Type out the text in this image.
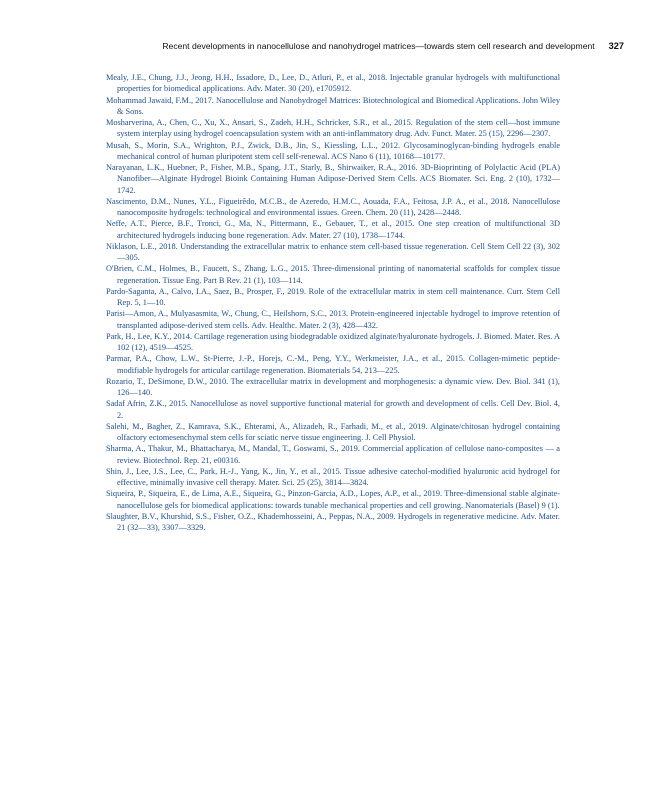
Recent developments in nanocellulose and nanohydrogel matrices—towards stem cell research and development 327
Mealy, J.E., Chung, J.J., Jeong, H.H., Issadore, D., Lee, D., Atluri, P., et al., 2018. Injectable granular hydrogels with multifunctional properties for biomedical applications. Adv. Mater. 30 (20), e1705912.
Mohammad Jawaid, F.M., 2017. Nanocellulose and Nanohydrogel Matrices: Biotechnological and Biomedical Applications. John Wiley & Sons.
Mosharverina, A., Chen, C., Xu, X., Ansari, S., Zadeh, H.H., Schricker, S.R., et al., 2015. Regulation of the stem cell—host immune system interplay using hydrogel coencapsulation system with an anti-inflammatory drug. Adv. Funct. Mater. 25 (15), 2296—2307.
Musah, S., Morin, S.A., Wrighton, P.J., Zwick, D.B., Jin, S., Kiessling, L.L., 2012. Glycosaminoglycan-binding hydrogels enable mechanical control of human pluripotent stem cell self-renewal. ACS Nano 6 (11), 10168—10177.
Narayanan, L.K., Huebner, P., Fisher, M.B., Spang, J.T., Starly, B., Shirwaiker, R.A., 2016. 3D-Bioprinting of Polylactic Acid (PLA) Nanofiber—Alginate Hydrogel Bioink Containing Human Adipose-Derived Stem Cells. ACS Biomater. Sci. Eng. 2 (10), 1732—1742.
Nascimento, D.M., Nunes, Y.L., Figueirêdo, M.C.B., de Azeredo, H.M.C., Aouada, F.A., Feitosa, J.P. A., et al., 2018. Nanocellulose nanocomposite hydrogels: technological and environmental issues. Green. Chem. 20 (11), 2428—2448.
Neffe, A.T., Pierce, B.F., Tronci, G., Ma, N., Pittermann, E., Gebauer, T., et al., 2015. One step creation of multifunctional 3D architectured hydrogels inducing bone regeneration. Adv. Mater. 27 (10), 1738—1744.
Niklason, L.E., 2018. Understanding the extracellular matrix to enhance stem cell-based tissue regeneration. Cell Stem Cell 22 (3), 302—305.
O'Brien, C.M., Holmes, B., Faucett, S., Zhang, L.G., 2015. Three-dimensional printing of nanomaterial scaffolds for complex tissue regeneration. Tissue Eng. Part B Rev. 21 (1), 103—114.
Pardo-Saganta, A., Calvo, I.A., Saez, B., Prosper, F., 2019. Role of the extracellular matrix in stem cell maintenance. Curr. Stem Cell Rep. 5, 1—10.
Parisi—Amon, A., Mulyasasmita, W., Chung, C., Heilshorn, S.C., 2013. Protein-engineered injectable hydrogel to improve retention of transplanted adipose-derived stem cells. Adv. Healthc. Mater. 2 (3), 428—432.
Park, H., Lee, K.Y., 2014. Cartilage regeneration using biodegradable oxidized alginate/hyaluronate hydrogels. J. Biomed. Mater. Res. A 102 (12), 4519—4525.
Parmar, P.A., Chow, L.W., St-Pierre, J.-P., Horejs, C.-M., Peng, Y.Y., Werkmeister, J.A., et al., 2015. Collagen-mimetic peptide-modifiable hydrogels for articular cartilage regeneration. Biomaterials 54, 213—225.
Rozario, T., DeSimone, D.W., 2010. The extracellular matrix in development and morphogenesis: a dynamic view. Dev. Biol. 341 (1), 126—140.
Sadaf Afrin, Z.K., 2015. Nanocellulose as novel supportive functional material for growth and development of cells. Cell Dev. Biol. 4, 2.
Salehi, M., Bagher, Z., Kamrava, S.K., Ehterami, A., Alizadeh, R., Farhadi, M., et al., 2019. Alginate/chitosan hydrogel containing olfactory ectomesenchymal stem cells for sciatic nerve tissue engineering. J. Cell Physiol.
Sharma, A., Thakur, M., Bhattacharya, M., Mandal, T., Goswami, S., 2019. Commercial application of cellulose nano-composites — a review. Biotechnol. Rep. 21, e00316.
Shin, J., Lee, J.S., Lee, C., Park, H.-J., Yang, K., Jin, Y., et al., 2015. Tissue adhesive catechol-modified hyaluronic acid hydrogel for effective, minimally invasive cell therapy. Mater. Sci. 25 (25), 3814—3824.
Siqueira, P., Siqueira, E., de Lima, A.E., Siqueira, G., Pinzon-Garcia, A.D., Lopes, A.P., et al., 2019. Three-dimensional stable alginate-nanocellulose gels for biomedical applications: towards tunable mechanical properties and cell growing. Nanomaterials (Basel) 9 (1).
Slaughter, B.V., Khurshid, S.S., Fisher, O.Z., Khademhosseini, A., Peppas, N.A., 2009. Hydrogels in regenerative medicine. Adv. Mater. 21 (32—33), 3307—3329.
